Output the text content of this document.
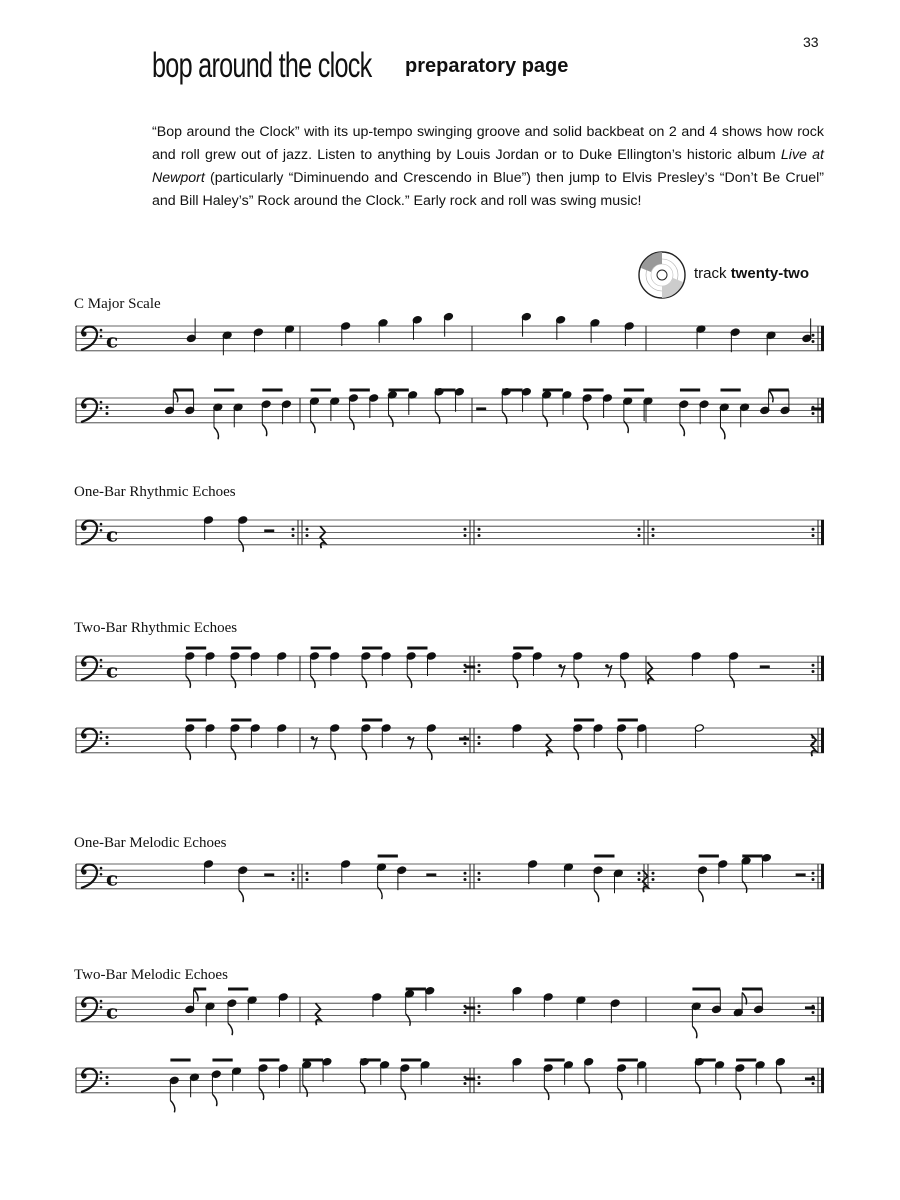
33
bop around the clock preparatory page
“Bop around the Clock” with its up-tempo swinging groove and solid backbeat on 2 and 4 shows how rock and roll grew out of jazz. Listen to anything by Louis Jordan or to Duke Ellington’s historic album Live at Newport (particularly “Diminuendo and Crescendo in Blue”) then jump to Elvis Presley’s “Don’t Be Cruel” and Bill Haley’s” Rock around the Clock.” Early rock and roll was swing music!
track twenty-two
C Major Scale
One-Bar Rhythmic Echoes
Two-Bar Rhythmic Echoes
One-Bar Melodic Echoes
Two-Bar Melodic Echoes
c
c
c
c
c
